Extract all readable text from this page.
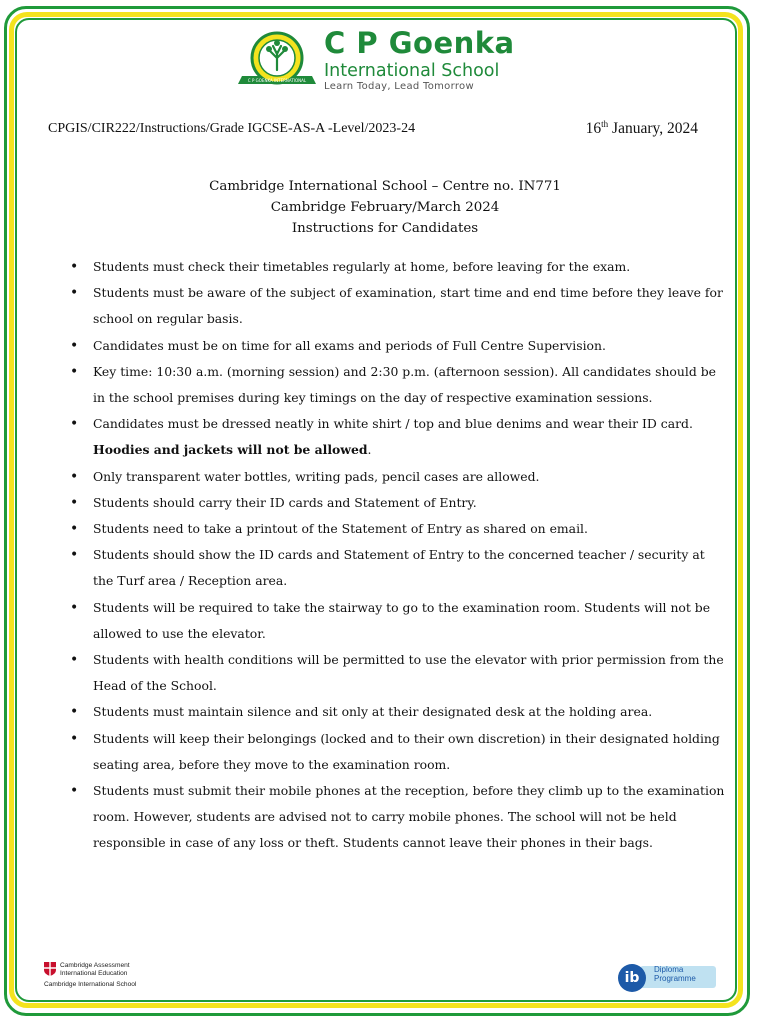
C P GOENKA INTERNATIONAL
C P Goenka
International School
Learn Today, Lead Tomorrow
CPGIS/CIR222/Instructions/Grade IGCSE-AS-A -Level/2023-24	16th January, 2024
Cambridge International School – Centre no. IN771
Cambridge February/March 2024
Instructions for Candidates
• Students must check their timetables regularly at home, before leaving for the exam.
• Students must be aware of the subject of examination, start time and end time before they leave for school on regular basis.
• Candidates must be on time for all exams and periods of Full Centre Supervision.
• Key time: 10:30 a.m. (morning session) and 2:30 p.m. (afternoon session). All candidates should be in the school premises during key timings on the day of respective examination sessions.
• Candidates must be dressed neatly in white shirt / top and blue denims and wear their ID card. Hoodies and jackets will not be allowed.
• Only transparent water bottles, writing pads, pencil cases are allowed.
• Students should carry their ID cards and Statement of Entry.
• Students need to take a printout of the Statement of Entry as shared on email.
• Students should show the ID cards and Statement of Entry to the concerned teacher / security at the Turf area / Reception area.
• Students will be required to take the stairway to go to the examination room. Students will not be allowed to use the elevator.
• Students with health conditions will be permitted to use the elevator with prior permission from the Head of the School.
• Students must maintain silence and sit only at their designated desk at the holding area.
• Students will keep their belongings (locked and to their own discretion) in their designated holding seating area, before they move to the examination room.
• Students must submit their mobile phones at the reception, before they climb up to the examination room. However, students are advised not to carry mobile phones. The school will not be held responsible in case of any loss or theft. Students cannot leave their phones in their bags.
Cambridge Assessment
International Education
Cambridge International School	ib
Diploma
Programme
